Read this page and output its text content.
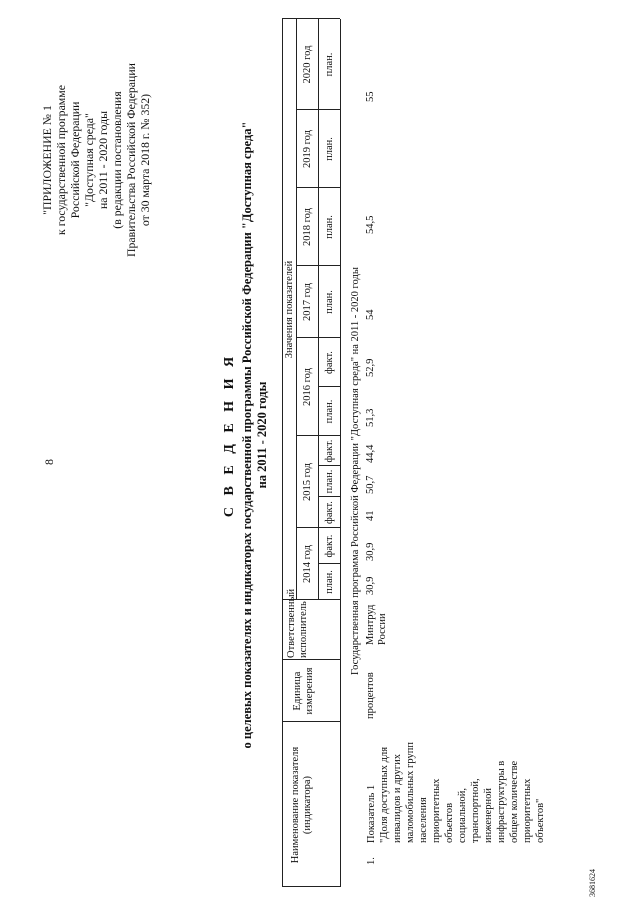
8
"ПРИЛОЖЕНИЕ № 1 к государственной программе Российской Федерации "Доступная среда" на 2011 - 2020 годы (в редакции постановления Правительства Российской Федерации от 30 марта 2018 г. № 352)
С В Е Д Е Н И Я о целевых показателях и индикаторах государственной программы Российской Федерации "Доступная среда" на 2011 - 2020 годы
Наименование показателя (индикатора)
Единица измерения
Ответственный исполнитель
Значения показателей
2014 год
2015 год
2016 год
2017 год
2018 год
2019 год
2020 год
план.
факт.
факт.
план.
факт.
план.
факт.
план.
план.
план.
план.
Государственная программа Российской Федерации "Доступная среда" на 2011 - 2020 годы
1.
Показатель 1 "Доля доступных для инвалидов и других маломобильных групп населения приоритетных объектов социальной, транспортной, инженерной инфраструктуры в общем количестве приоритетных объектов"
процентов
Минтруд России
30,9
30,9
41
50,7
44,4
51,3
52,9
54
54,5
55
3681624
